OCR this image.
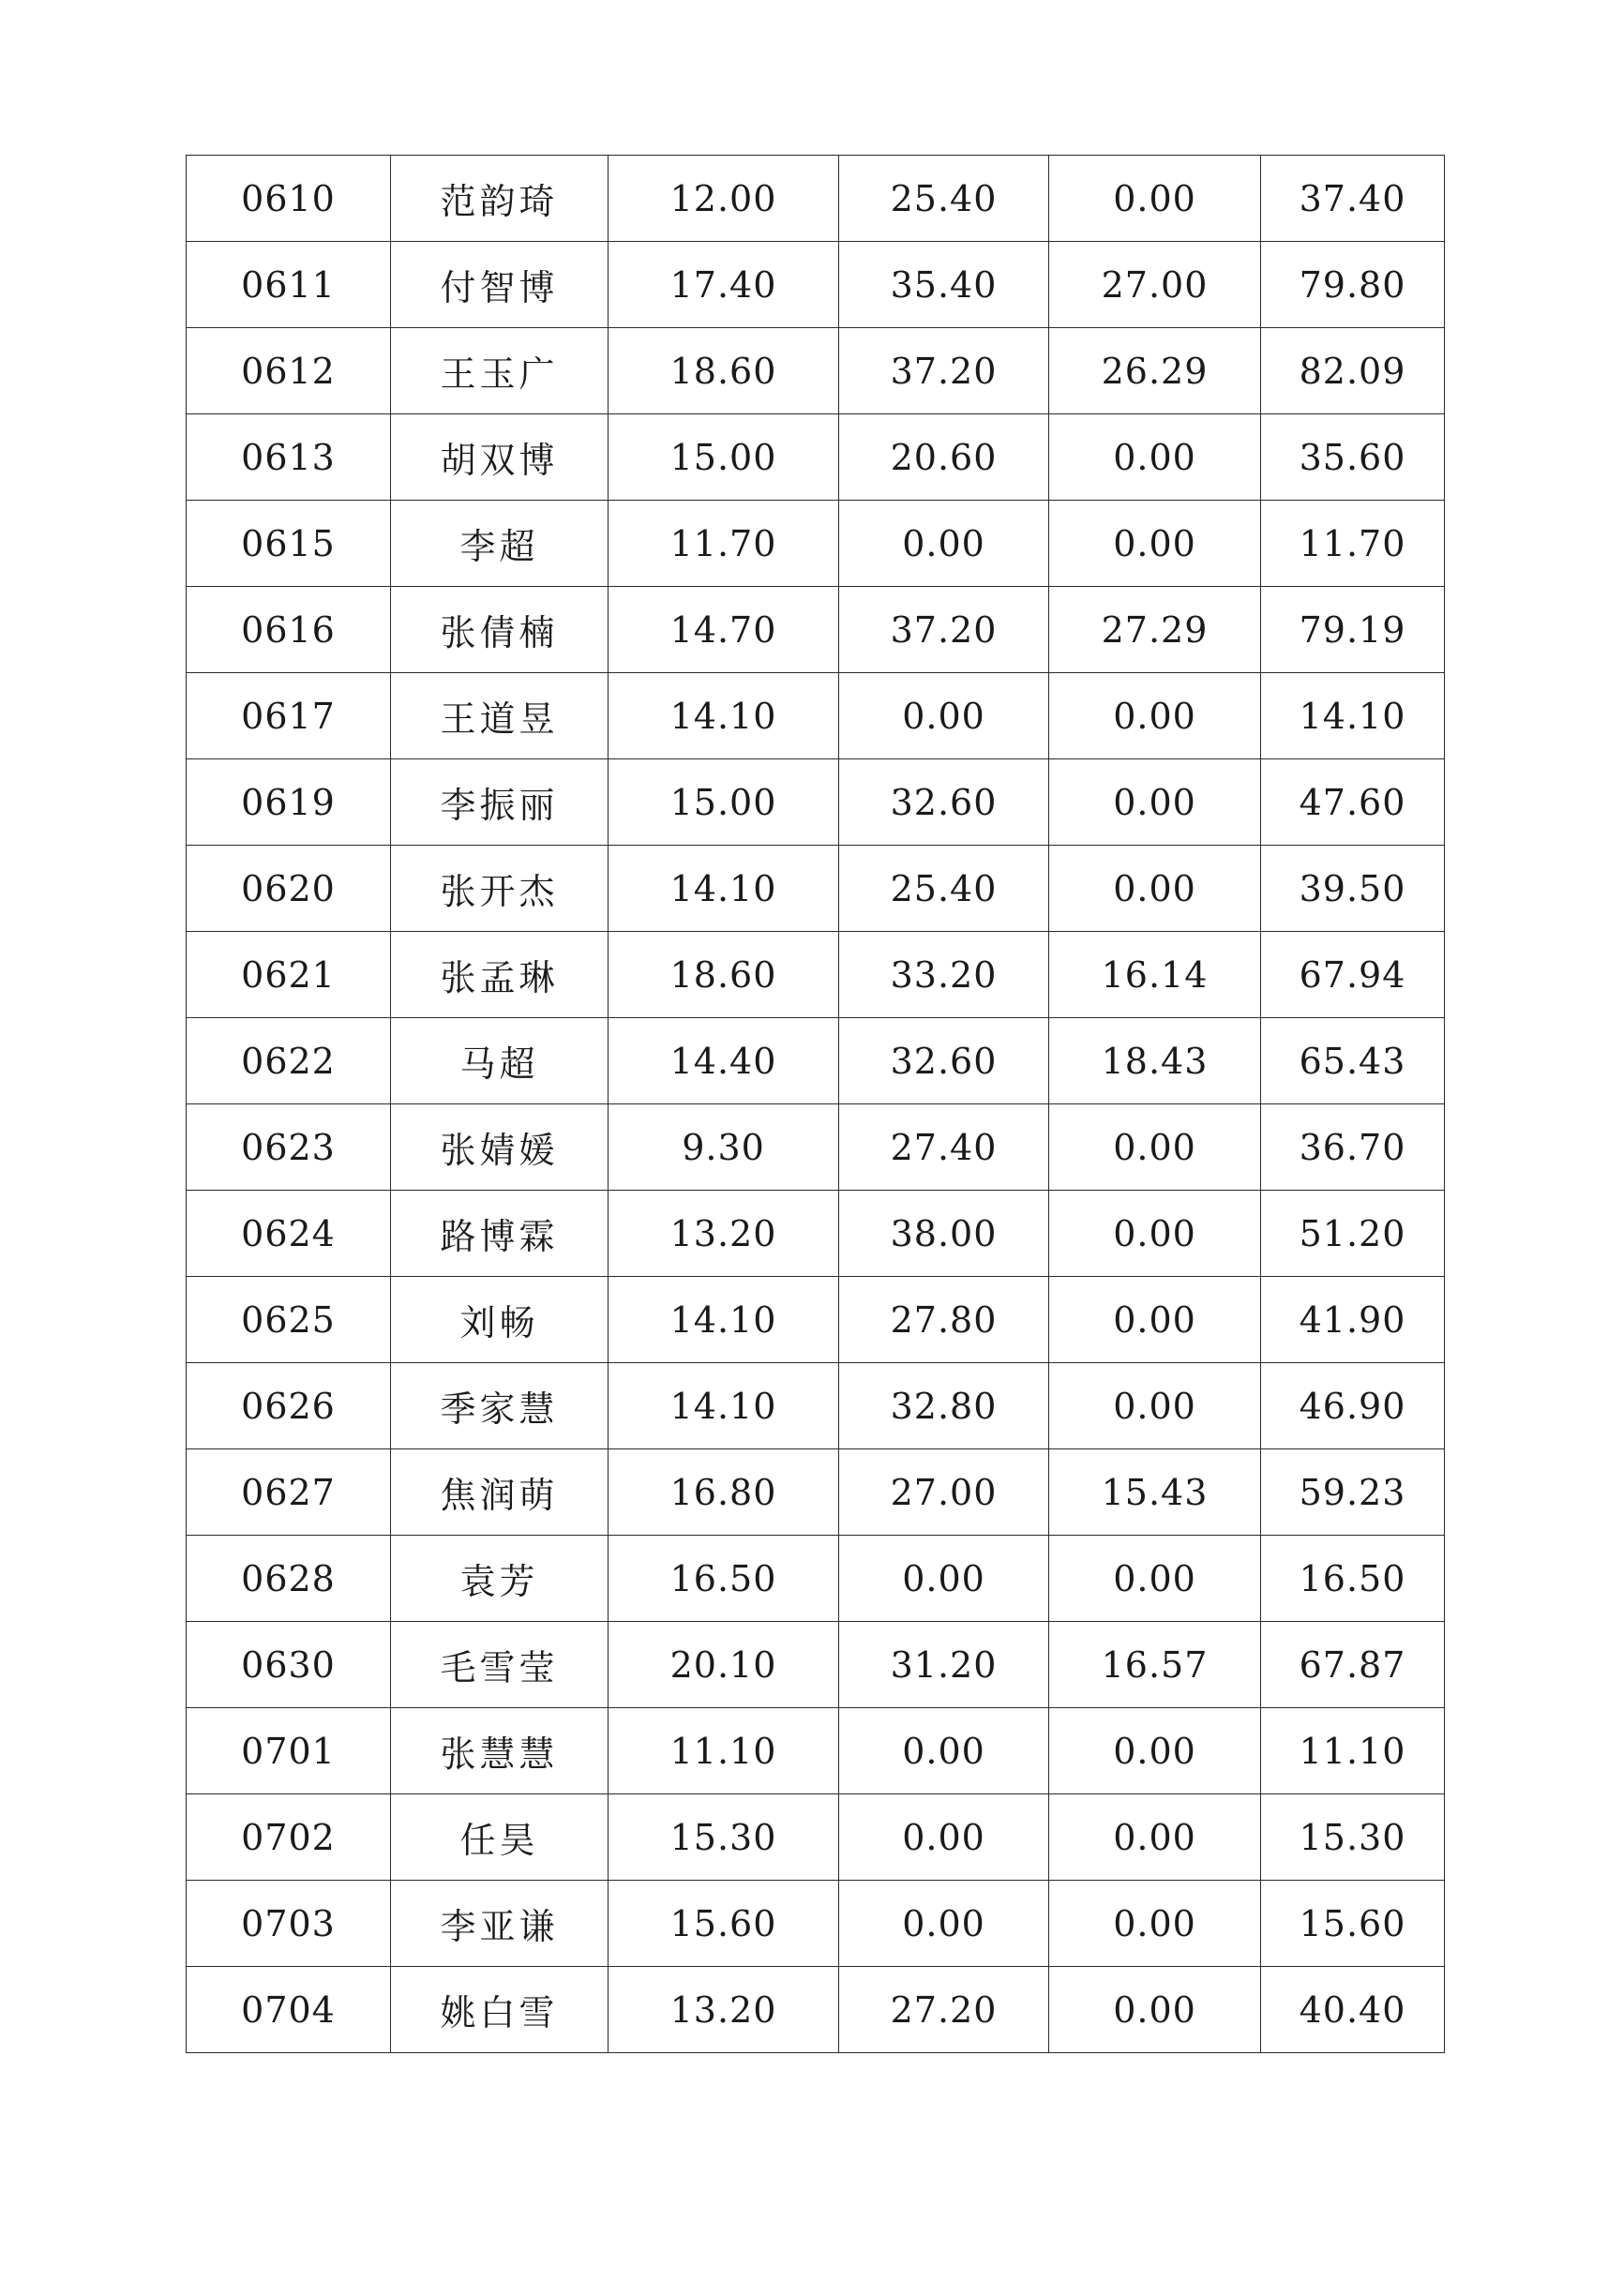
0610	范韵琦	12.00	25.40	0.00	37.40
0611	付智博	17.40	35.40	27.00	79.80
0612	王玉广	18.60	37.20	26.29	82.09
0613	胡双博	15.00	20.60	0.00	35.60
0615	李超	11.70	0.00	0.00	11.70
0616	张倩楠	14.70	37.20	27.29	79.19
0617	王道昱	14.10	0.00	0.00	14.10
0619	李振丽	15.00	32.60	0.00	47.60
0620	张开杰	14.10	25.40	0.00	39.50
0621	张孟琳	18.60	33.20	16.14	67.94
0622	马超	14.40	32.60	18.43	65.43
0623	张婧媛	9.30	27.40	0.00	36.70
0624	路博霖	13.20	38.00	0.00	51.20
0625	刘畅	14.10	27.80	0.00	41.90
0626	季家慧	14.10	32.80	0.00	46.90
0627	焦润萌	16.80	27.00	15.43	59.23
0628	袁芳	16.50	0.00	0.00	16.50
0630	毛雪莹	20.10	31.20	16.57	67.87
0701	张慧慧	11.10	0.00	0.00	11.10
0702	任昊	15.30	0.00	0.00	15.30
0703	李亚谦	15.60	0.00	0.00	15.60
0704	姚白雪	13.20	27.20	0.00	40.40
